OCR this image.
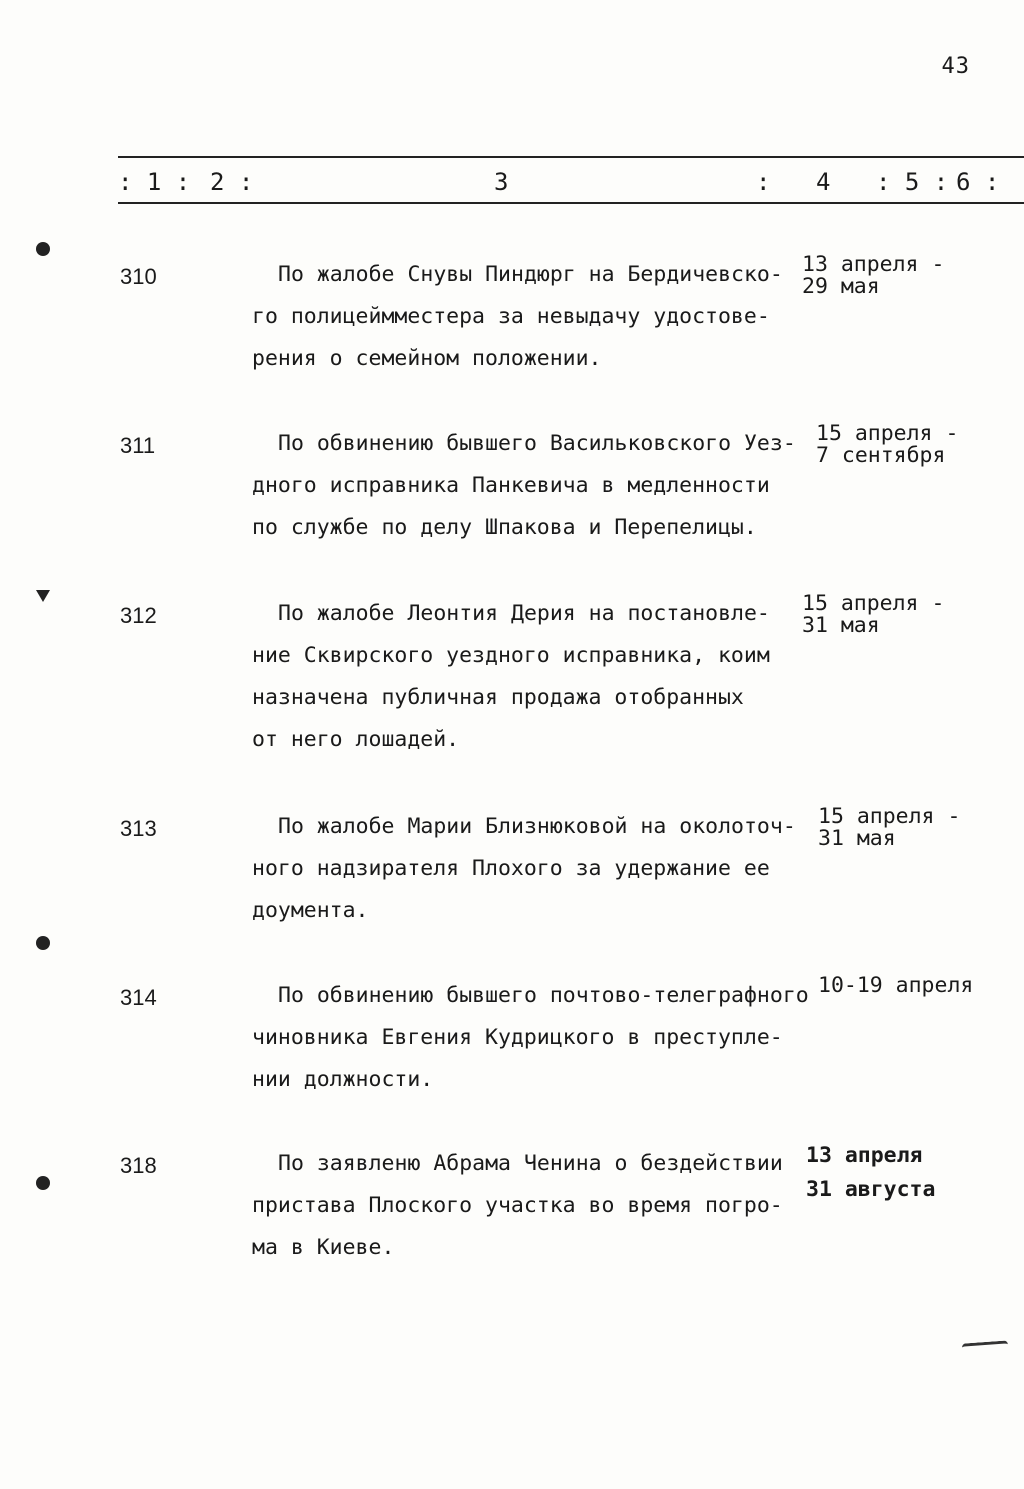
43
: 1 : 2 :	3	: 4 : 5 : 6 :
310	По жалобе Снувы Пиндюрг на Бердичевско-
го полицеймместера за невыдачу удостове-
рения о семейном положении.
13 апреля -
29 мая
311	По обвинению бывшего Васильковского Уез-
дного исправника Панкевича в медленности
по службе по делу Шпакова и Перепелицы.
15 апреля -
7 сентября
312	По жалобе Леонтия Дерия на постановле-
ние Сквирского уездного исправника, коим
назначена публичная продажа отобранных
от него лошадей.
15 апреля -
31 мая
313	По жалобе Марии Близнюковой на околоточ-
ного надзирателя Плохого за удержание ее
доумента.
15 апреля -
31 мая
314	По обвинению бывшего почтово-телеграфного
чиновника Евгения Кудрицкого в преступле-
нии должности.
10-19 апреля
318	По заявленю Абрама Ченина о бездействии
пристава Плоского участка во время погро-
ма в Киеве.
13 апреля
31 августа
